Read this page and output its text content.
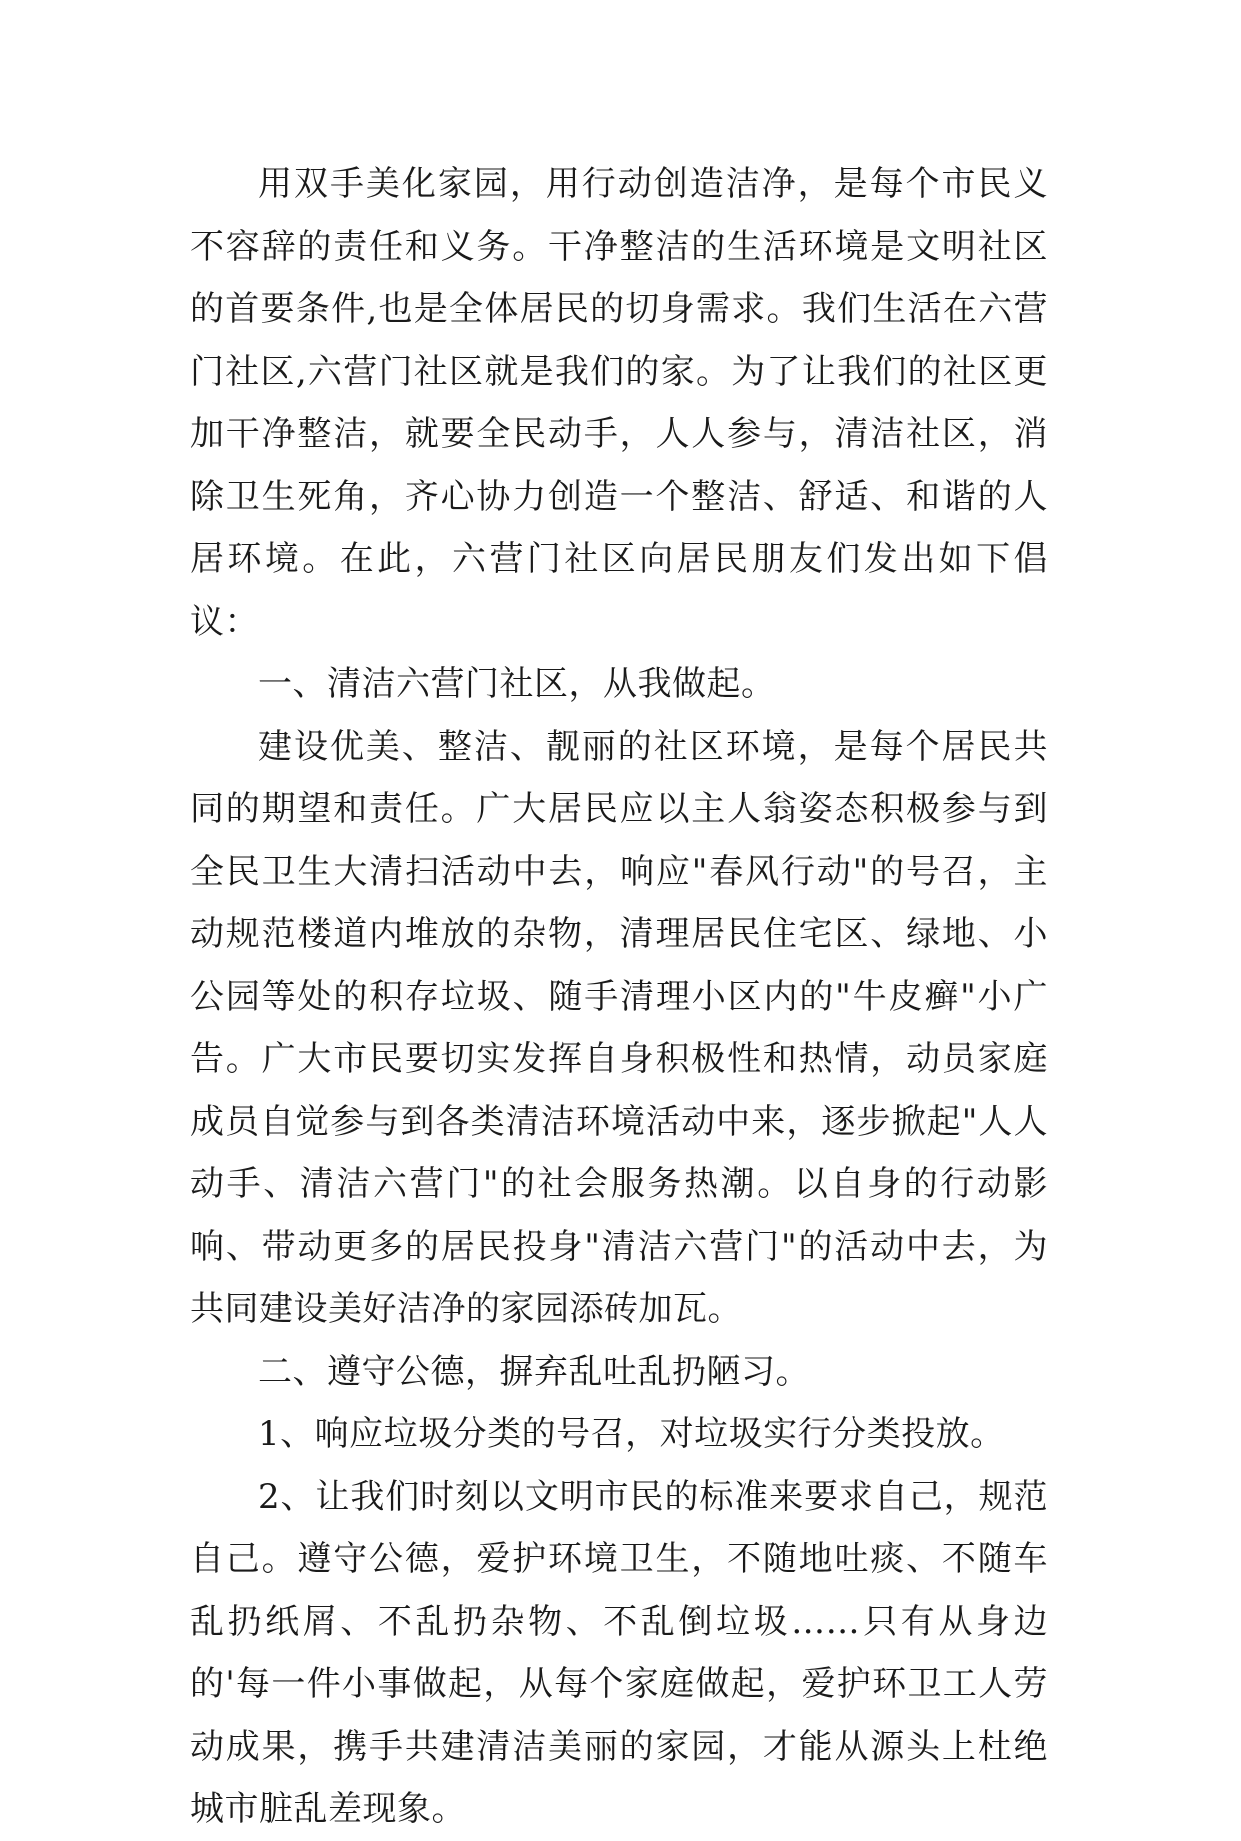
用双手美化家园，用行动创造洁净，是每个市民义不容辞的责任和义务。干净整洁的生活环境是文明社区的首要条件,也是全体居民的切身需求。我们生活在六营门社区,六营门社区就是我们的家。为了让我们的社区更加干净整洁，就要全民动手，人人参与，清洁社区，消除卫生死角，齐心协力创造一个整洁、舒适、和谐的人居环境。在此，六营门社区向居民朋友们发出如下倡议：

一、清洁六营门社区，从我做起。

建设优美、整洁、靓丽的社区环境，是每个居民共同的期望和责任。广大居民应以主人翁姿态积极参与到全民卫生大清扫活动中去，响应"春风行动"的号召，主动规范楼道内堆放的杂物，清理居民住宅区、绿地、小公园等处的积存垃圾、随手清理小区内的"牛皮癣"小广告。广大市民要切实发挥自身积极性和热情，动员家庭成员自觉参与到各类清洁环境活动中来，逐步掀起"人人动手、清洁六营门"的社会服务热潮。以自身的行动影响、带动更多的居民投身"清洁六营门"的活动中去，为共同建设美好洁净的家园添砖加瓦。

二、遵守公德，摒弃乱吐乱扔陋习。

1、响应垃圾分类的号召，对垃圾实行分类投放。

2、让我们时刻以文明市民的标准来要求自己，规范自己。遵守公德，爱护环境卫生，不随地吐痰、不随车乱扔纸屑、不乱扔杂物、不乱倒垃圾……只有从身边的'每一件小事做起，从每个家庭做起，爱护环卫工人劳动成果，携手共建清洁美丽的家园，才能从源头上杜绝城市脏乱差现象。
